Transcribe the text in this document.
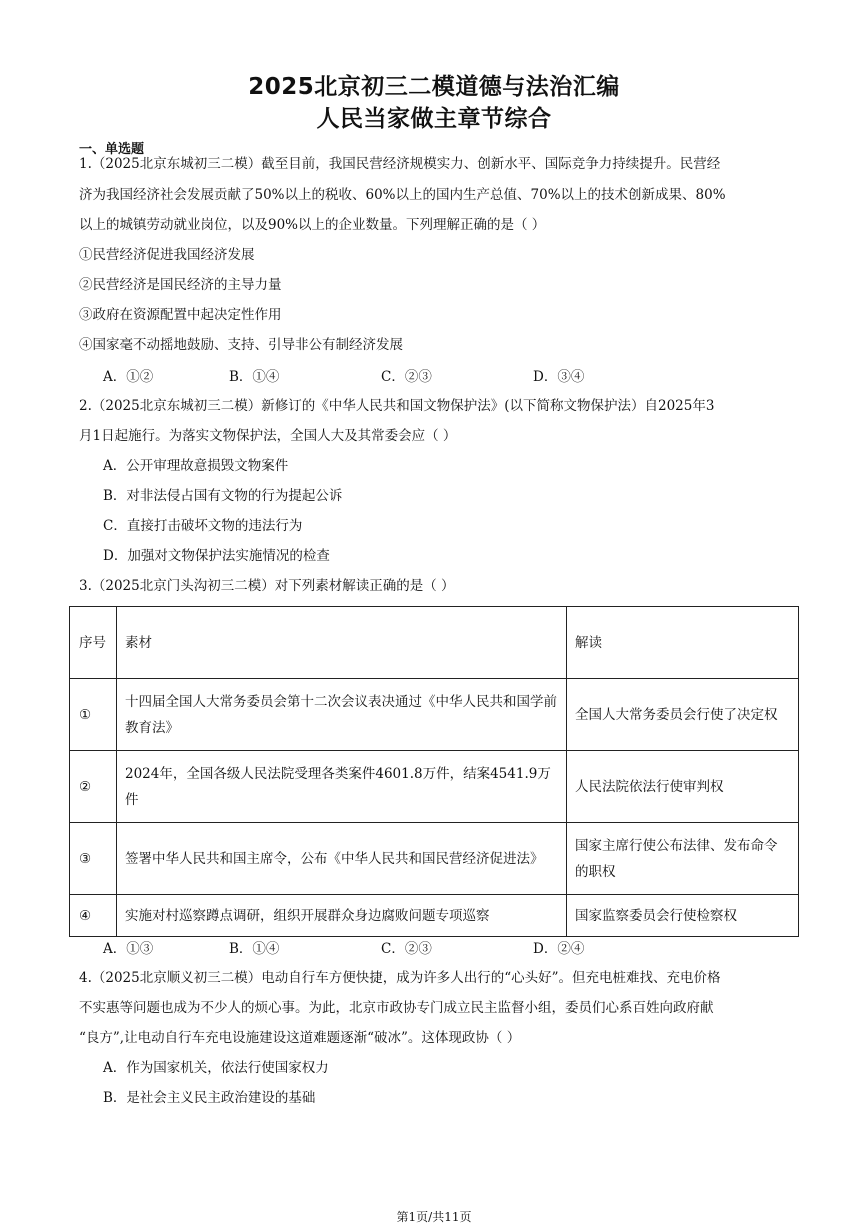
2025北京初三二模道德与法治汇编
人民当家做主章节综合
一、单选题
1.（2025北京东城初三二模）截至目前，我国民营经济规模实力、创新水平、国际竞争力持续提升。民营经
济为我国经济社会发展贡献了50%以上的税收、60%以上的国内生产总值、70%以上的技术创新成果、80%
以上的城镇劳动就业岗位，以及90%以上的企业数量。下列理解正确的是（ ）
①民营经济促进我国经济发展
②民营经济是国民经济的主导力量
③政府在资源配置中起决定性作用
④国家毫不动摇地鼓励、支持、引导非公有制经济发展
A．①②	B．①④	C．②③	D．③④
2.（2025北京东城初三二模）新修订的《中华人民共和国文物保护法》(以下简称文物保护法）自2025年3
月1日起施行。为落实文物保护法，全国人大及其常委会应（ ）
A．公开审理故意损毁文物案件
B．对非法侵占国有文物的行为提起公诉
C．直接打击破坏文物的违法行为
D．加强对文物保护法实施情况的检查
3.（2025北京门头沟初三二模）对下列素材解读正确的是（ ）
序号	素材	解读
①	十四届全国人大常务委员会第十二次会议表决通过《中华人民共和国学前教育法》	全国人大常务委员会行使了决定权
②	2024年，全国各级人民法院受理各类案件4601.8万件，结案4541.9万件	人民法院依法行使审判权
③	签署中华人民共和国主席令，公布《中华人民共和国民营经济促进法》	国家主席行使公布法律、发布命令的职权
④	实施对村巡察蹲点调研，组织开展群众身边腐败问题专项巡察	国家监察委员会行使检察权
A．①③	B．①④	C．②③	D．②④
4.（2025北京顺义初三二模）电动自行车方便快捷，成为许多人出行的“心头好”。但充电桩难找、充电价格
不实惠等问题也成为不少人的烦心事。为此，北京市政协专门成立民主监督小组，委员们心系百姓向政府献
“良方”,让电动自行车充电设施建设这道难题逐渐“破冰”。这体现政协（ ）
A．作为国家机关，依法行使国家权力
B．是社会主义民主政治建设的基础
第1页/共11页
